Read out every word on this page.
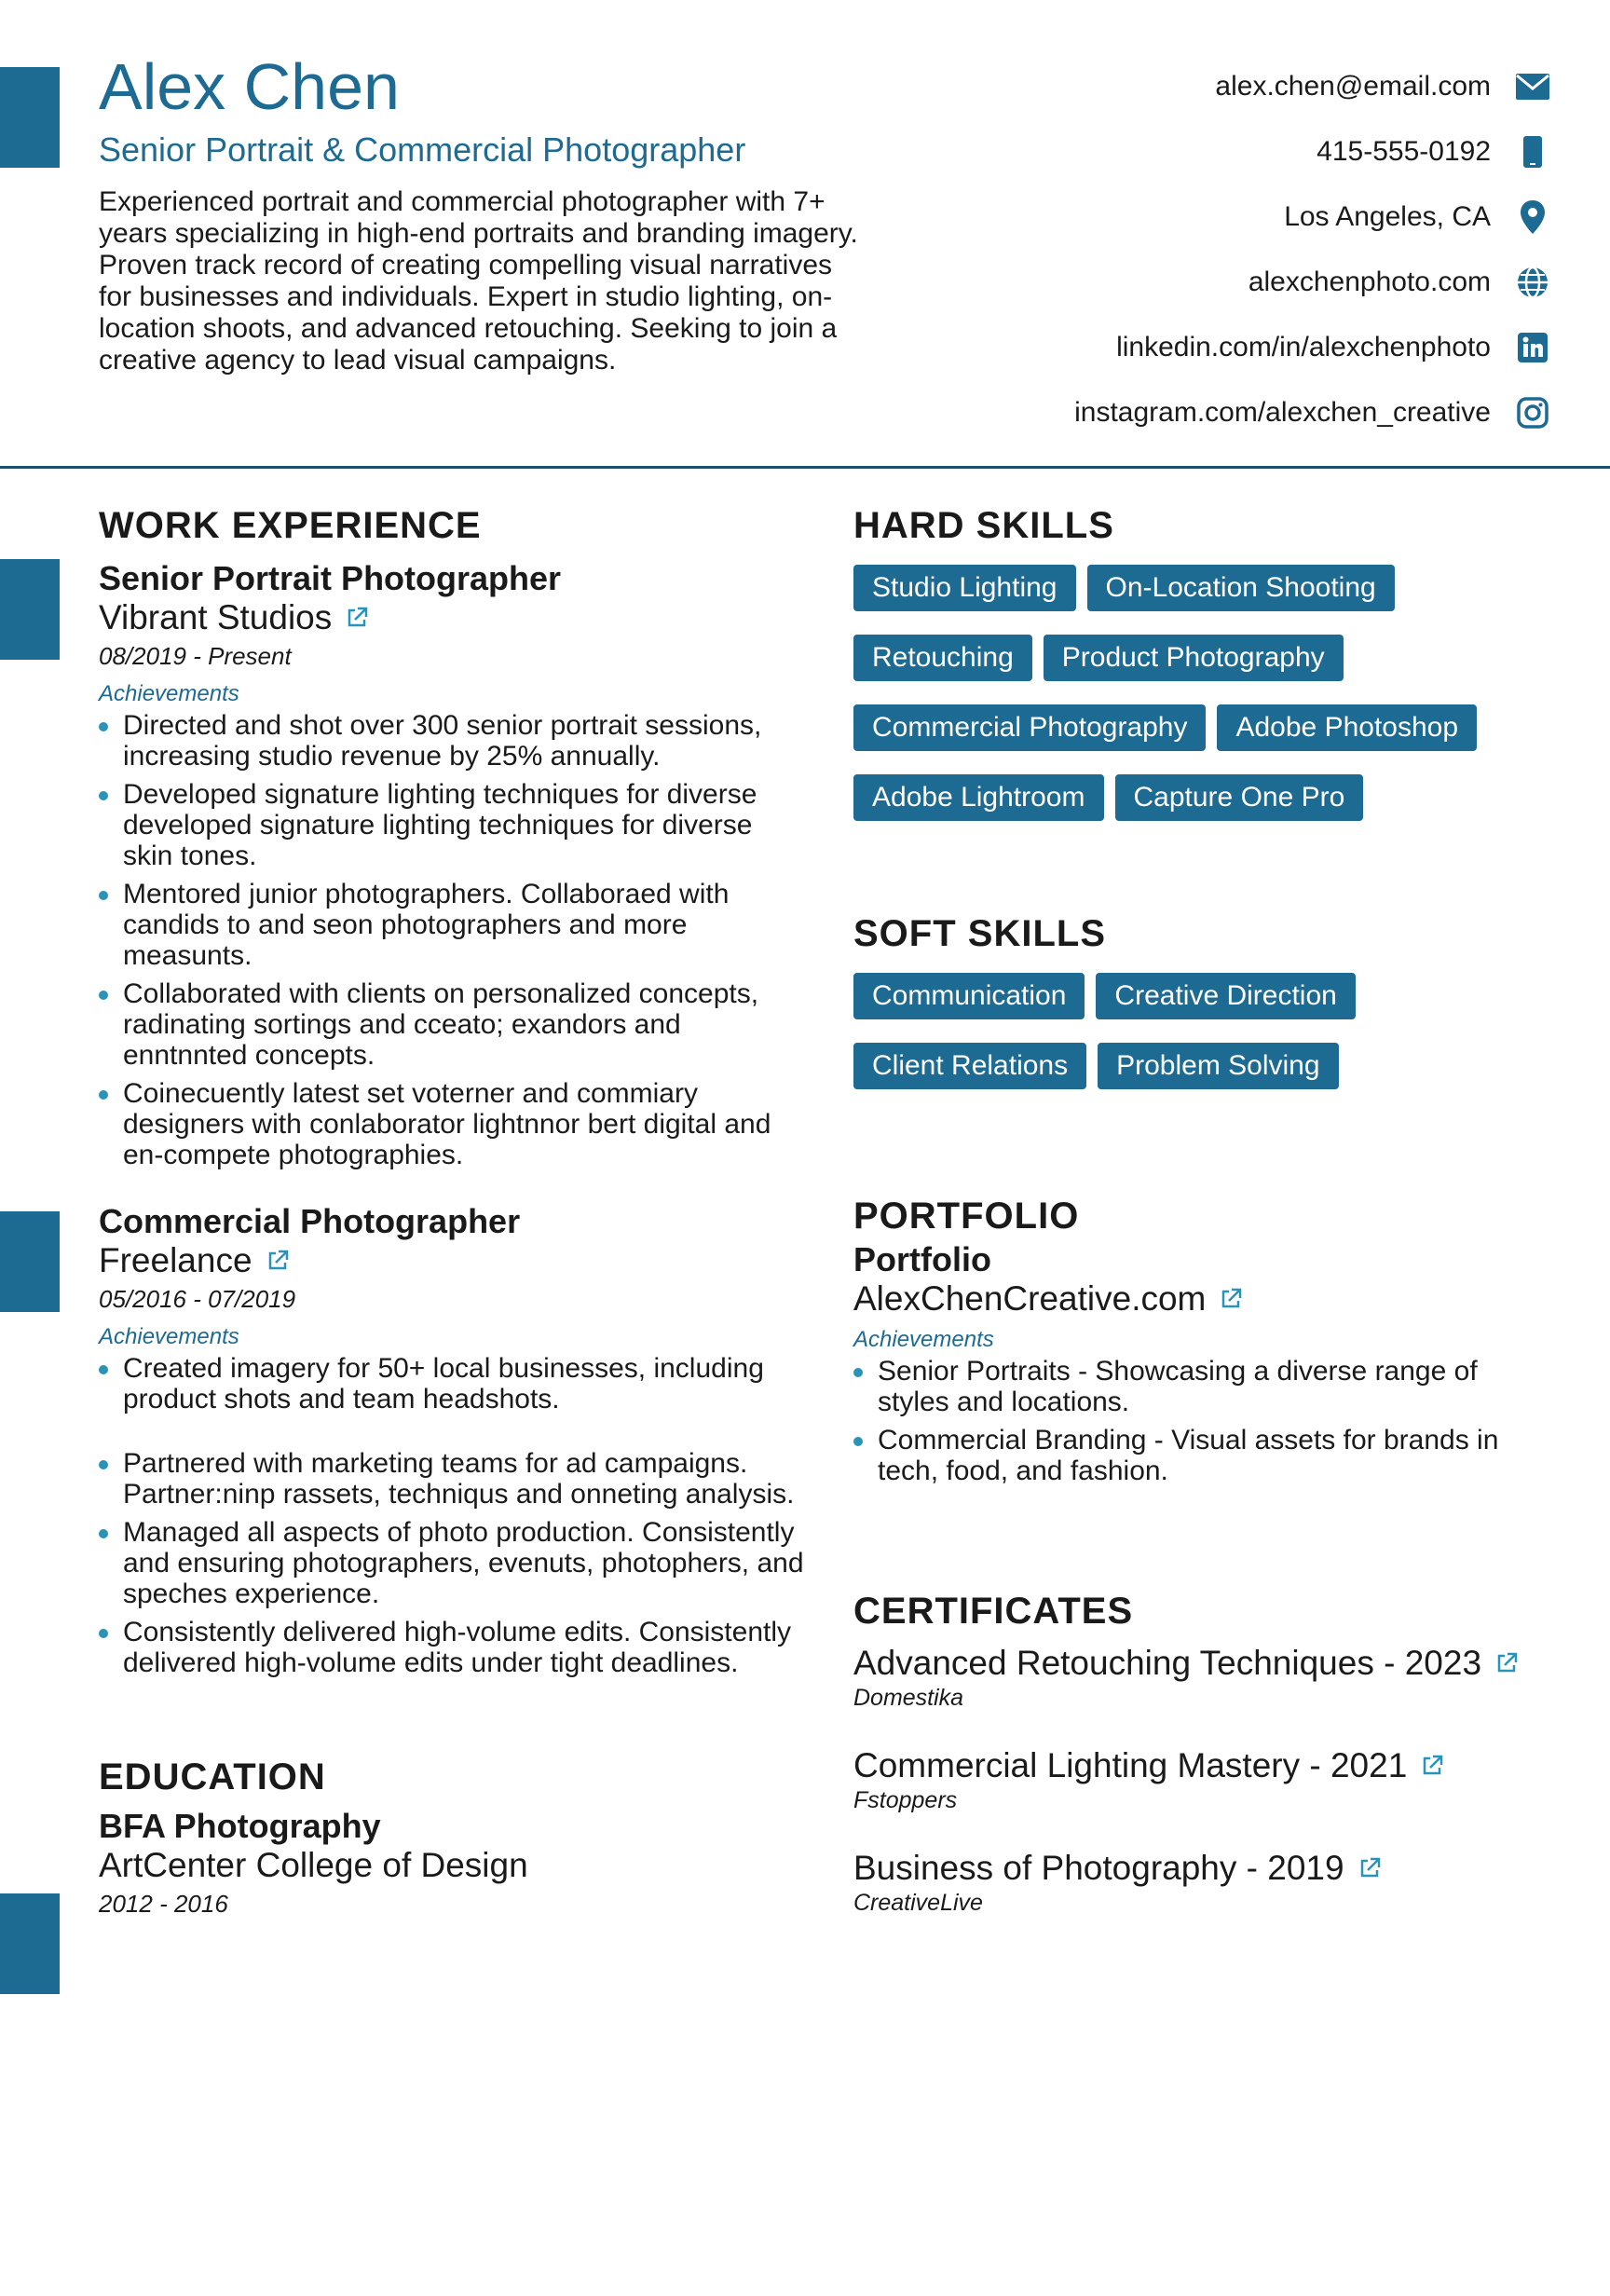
Alex Chen
Senior Portrait & Commercial Photographer
Experienced portrait and commercial photographer with 7+ years specializing in high-end portraits and branding imagery. Proven track record of creating compelling visual narratives for businesses and individuals. Expert in studio lighting, on-location shoots, and advanced retouching. Seeking to join a creative agency to lead visual campaigns.
alex.chen@email.com
415-555-0192
Los Angeles, CA
alexchenphoto.com
linkedin.com/in/alexchenphoto
instagram.com/alexchen_creative
WORK EXPERIENCE
Senior Portrait Photographer
Vibrant Studios
08/2019 - Present
Achievements
Directed and shot over 300 senior portrait sessions, increasing studio revenue by 25% annually.
Developed signature lighting techniques for diverse developed signature lighting techniques for diverse skin tones.
Mentored junior photographers. Collaboraed with candids to and seon photographers and more measunts.
Collaborated with clients on personalized concepts, radinating sortings and cceato; exandors and enntnnted concepts.
Coinecuently latest set voterner and commiary designers with conlaborator lightnnor bert digital and en-compete photographies.
Commercial Photographer
Freelance
05/2016 - 07/2019
Achievements
Created imagery for 50+ local businesses, including product shots and team headshots.
Partnered with marketing teams for ad campaigns. Partner:ninp rassets, techniqus and onneting analysis.
Managed all aspects of photo production. Consistently and ensuring photographers, evenuts, photophers, and speches experience.
Consistently delivered high-volume edits. Consistently delivered high-volume edits under tight deadlines.
EDUCATION
BFA Photography
ArtCenter College of Design
2012 - 2016
HARD SKILLS
Studio Lighting	On-Location Shooting
Retouching	Product Photography
Commercial Photography	Adobe Photoshop
Adobe Lightroom	Capture One Pro
SOFT SKILLS
Communication	Creative Direction
Client Relations	Problem Solving
PORTFOLIO
Portfolio
AlexChenCreative.com
Achievements
Senior Portraits - Showcasing a diverse range of styles and locations.
Commercial Branding - Visual assets for brands in tech, food, and fashion.
CERTIFICATES
Advanced Retouching Techniques - 2023
Domestika
Commercial Lighting Mastery - 2021
Fstoppers
Business of Photography - 2019
CreativeLive
